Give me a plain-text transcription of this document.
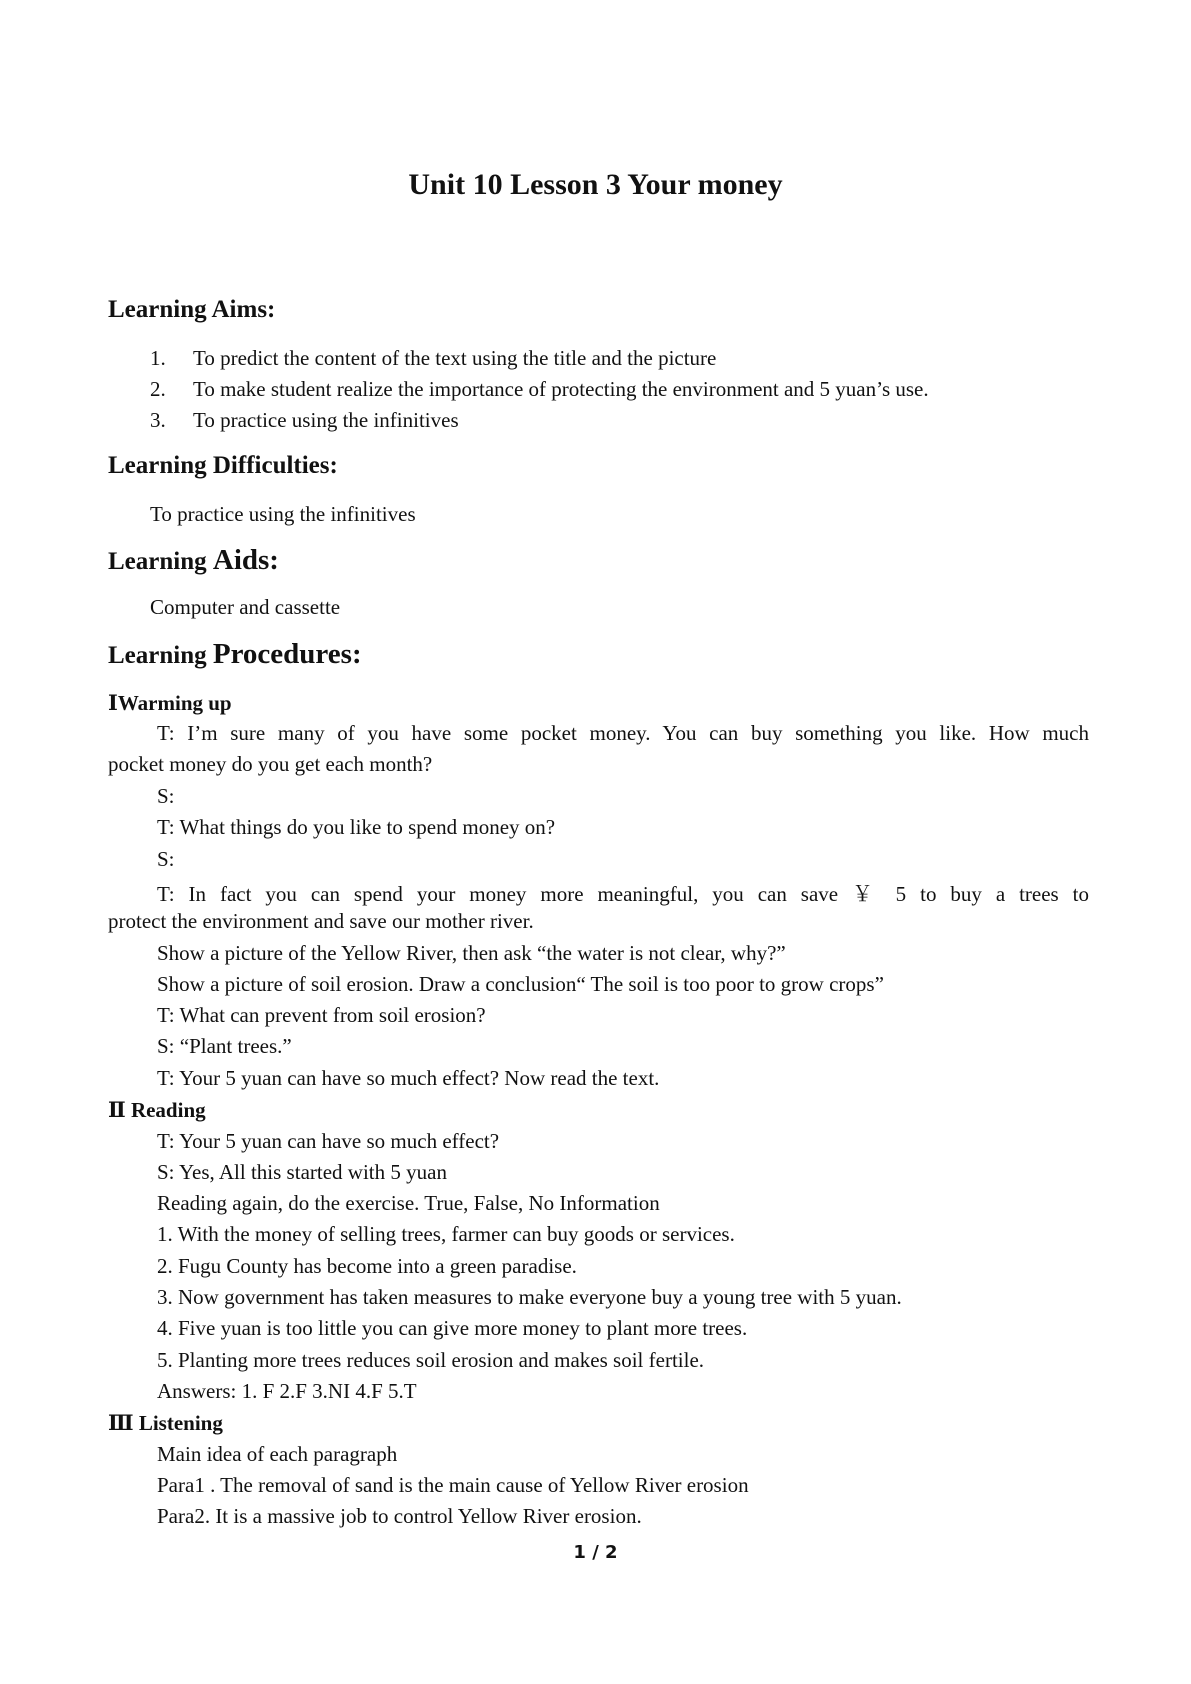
Unit 10 Lesson 3 Your money
Learning Aims:

1. To predict the content of the text using the title and the picture

2. To make student realize the importance of protecting the environment and 5 yuan’s use.

3. To practice using the infinitives

Learning Difficulties:

To practice using the infinitives

Learning Aids:

Computer and cassette

Learning Procedures:
ⅠWarming up

T: I’m sure many of you have some pocket money. You can buy something you like. How much

pocket money do you get each month?

S:

T: What things do you like to spend money on?

S:

T: In fact you can spend your money more meaningful, you can save ￥ 5 to buy a trees to

protect the environment and save our mother river.

Show a picture of the Yellow River, then ask “the water is not clear, why?”

Show a picture of soil erosion. Draw a conclusion“ The soil is too poor to grow crops”

T: What can prevent from soil erosion?

S: “Plant trees.”

T: Your 5 yuan can have so much effect? Now read the text.

Ⅱ Reading

T: Your 5 yuan can have so much effect?

S: Yes, All this started with 5 yuan

Reading again, do the exercise. True, False, No Information

1. With the money of selling trees, farmer can buy goods or services.

2. Fugu County has become into a green paradise.

3. Now government has taken measures to make everyone buy a young tree with 5 yuan.

4. Five yuan is too little you can give more money to plant more trees.

5. Planting more trees reduces soil erosion and makes soil fertile.

Answers: 1. F 2.F 3.NI 4.F 5.T

Ⅲ Listening

Main idea of each paragraph

Para1 . The removal of sand is the main cause of Yellow River erosion

Para2. It is a massive job to control Yellow River erosion.

1 / 2
